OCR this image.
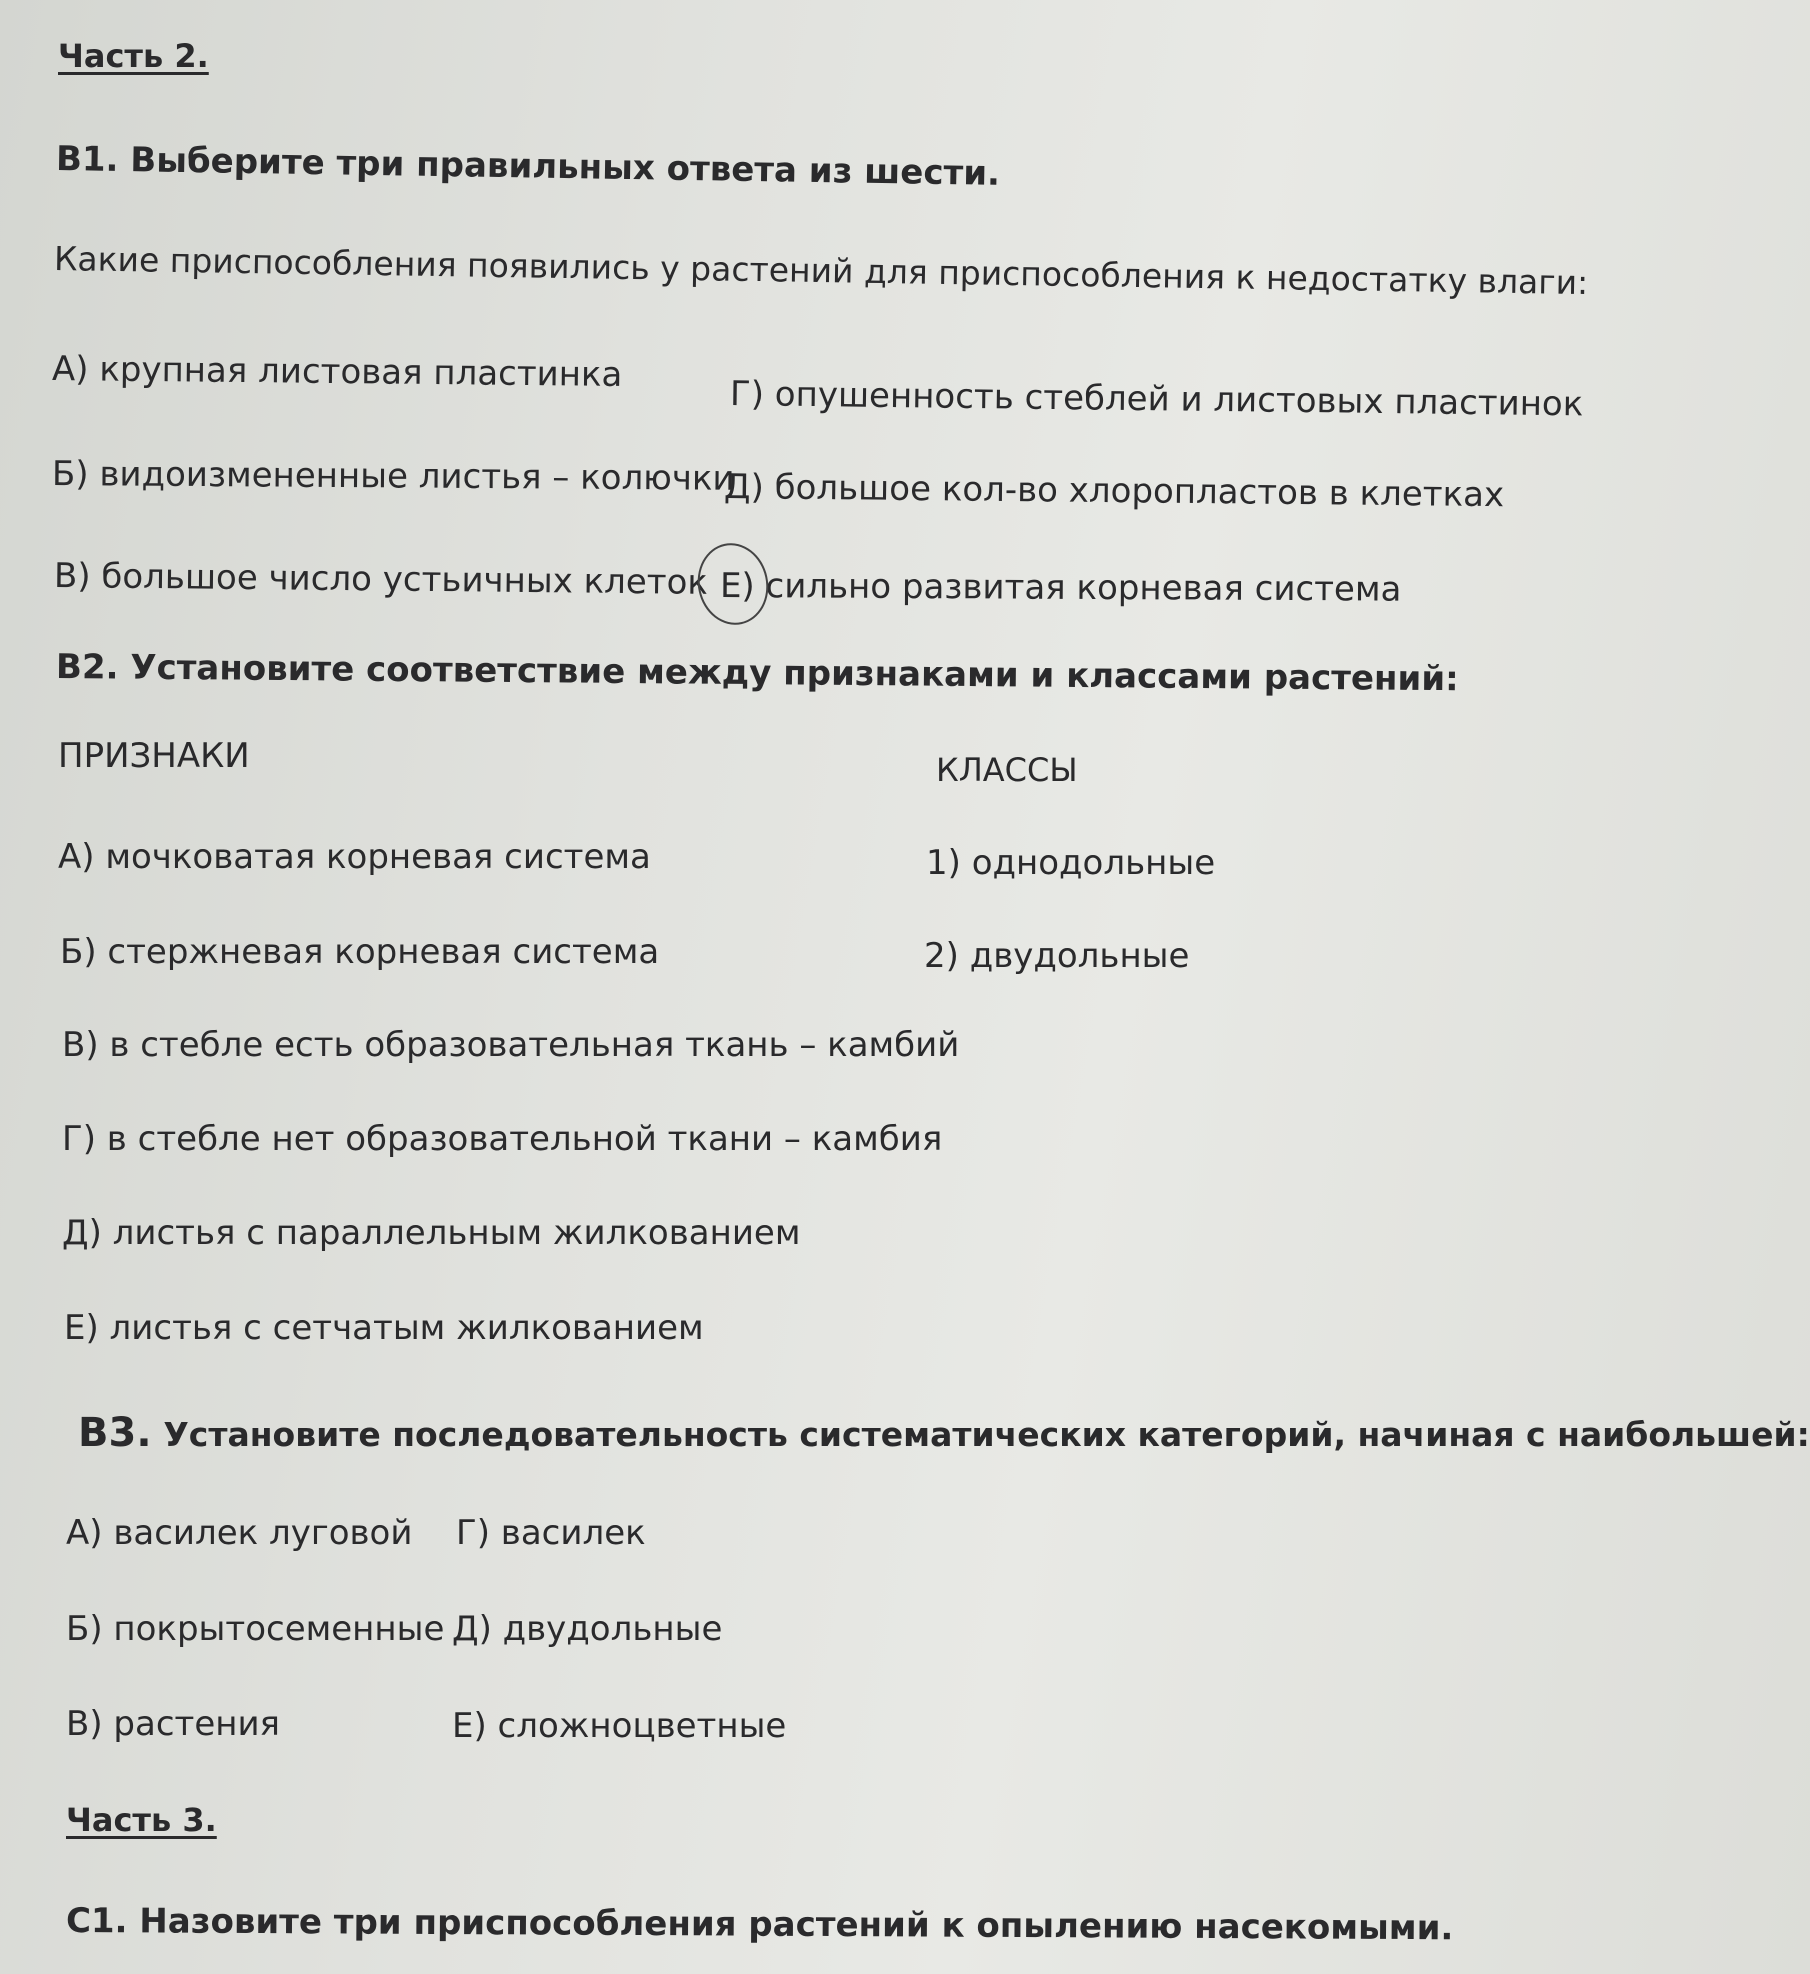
Часть 2.
В1. Выберите три правильных ответа из шести.
Какие приспособления появились у растений для приспособления к недостатку влаги:
А) крупная листовая пластинка
Б) видоизмененные листья – колючки
В) большое число устьичных клеток
Г) опушенность стеблей и листовых пластинок
Д) большое кол-во хлоропластов в клетках
Е) сильно развитая корневая система
В2. Установите соответствие между признаками и классами растений:
ПРИЗНАКИ	КЛАССЫ
А) мочковатая корневая система
Б) стержневая корневая система
В) в стебле есть образовательная ткань – камбий
Г) в стебле нет образовательной ткани – камбия
Д) листья с параллельным жилкованием
Е) листья с сетчатым жилкованием
1) однодольные
2) двудольные
В3. Установите последовательность систематических категорий, начиная с наибольшей:
А) василек луговой
Б) покрытосеменные
В) растения
Г) василек
Д) двудольные
Е) сложноцветные
Часть 3.
С1. Назовите три приспособления растений к опылению насекомыми.
